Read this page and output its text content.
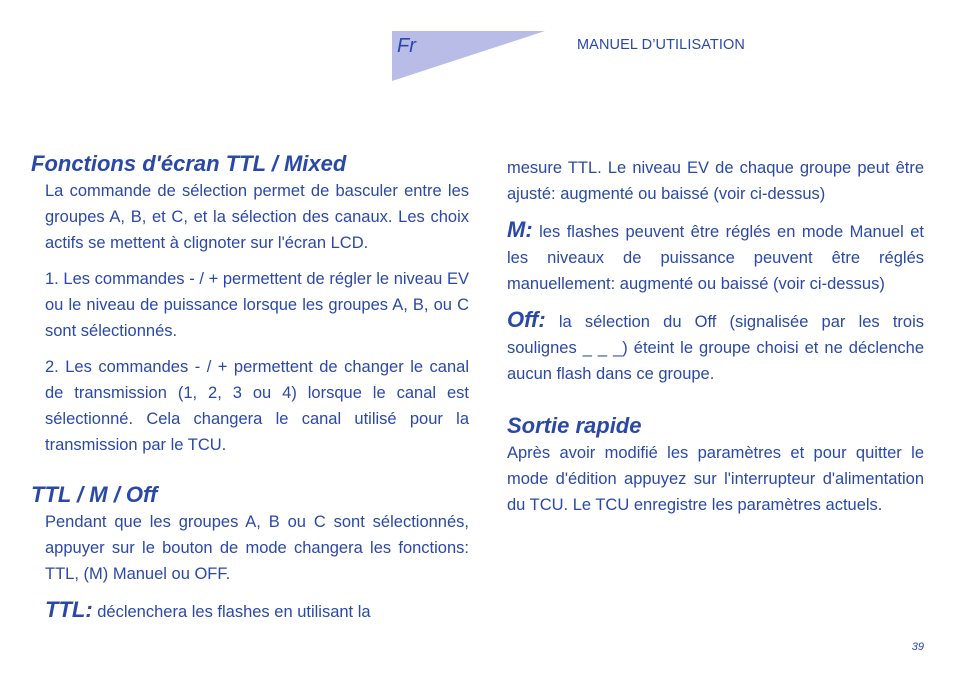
Fr	MANUEL D’UTILISATION
Fonctions d'écran TTL / Mixed

La commande de sélection permet de basculer entre les groupes A, B, et C, et la sélection des canaux. Les choix actifs se mettent à clignoter sur l'écran LCD.

1. Les commandes - / + permettent de régler le niveau EV ou le niveau de puissance lorsque les groupes A, B, ou C sont sélectionnés.

2. Les commandes - / + permettent de changer le canal de transmission (1, 2, 3 ou 4) lorsque le canal est sélectionné. Cela changera le canal utilisé pour la transmission par le TCU.

TTL / M / Off

Pendant que les groupes A, B ou C sont sélectionnés, appuyer sur le bouton de mode changera les fonctions: TTL, (M) Manuel ou OFF.

TTL: déclenchera les flashes en utilisant la

mesure TTL. Le niveau EV de chaque groupe peut être ajusté: augmenté ou baissé (voir ci-dessus)

M: les flashes peuvent être réglés en mode Manuel et les niveaux de puissance peuvent être réglés manuellement: augmenté ou baissé (voir ci-dessus)

Off: la sélection du Off (signalisée par les trois soulignes _ _ _) éteint le groupe choisi et ne déclenche aucun flash dans ce groupe.

Sortie rapide

Après avoir modifié les paramètres et pour quitter le mode d'édition appuyez sur l'interrupteur d'alimentation du TCU. Le TCU enregistre les paramètres actuels.

39
